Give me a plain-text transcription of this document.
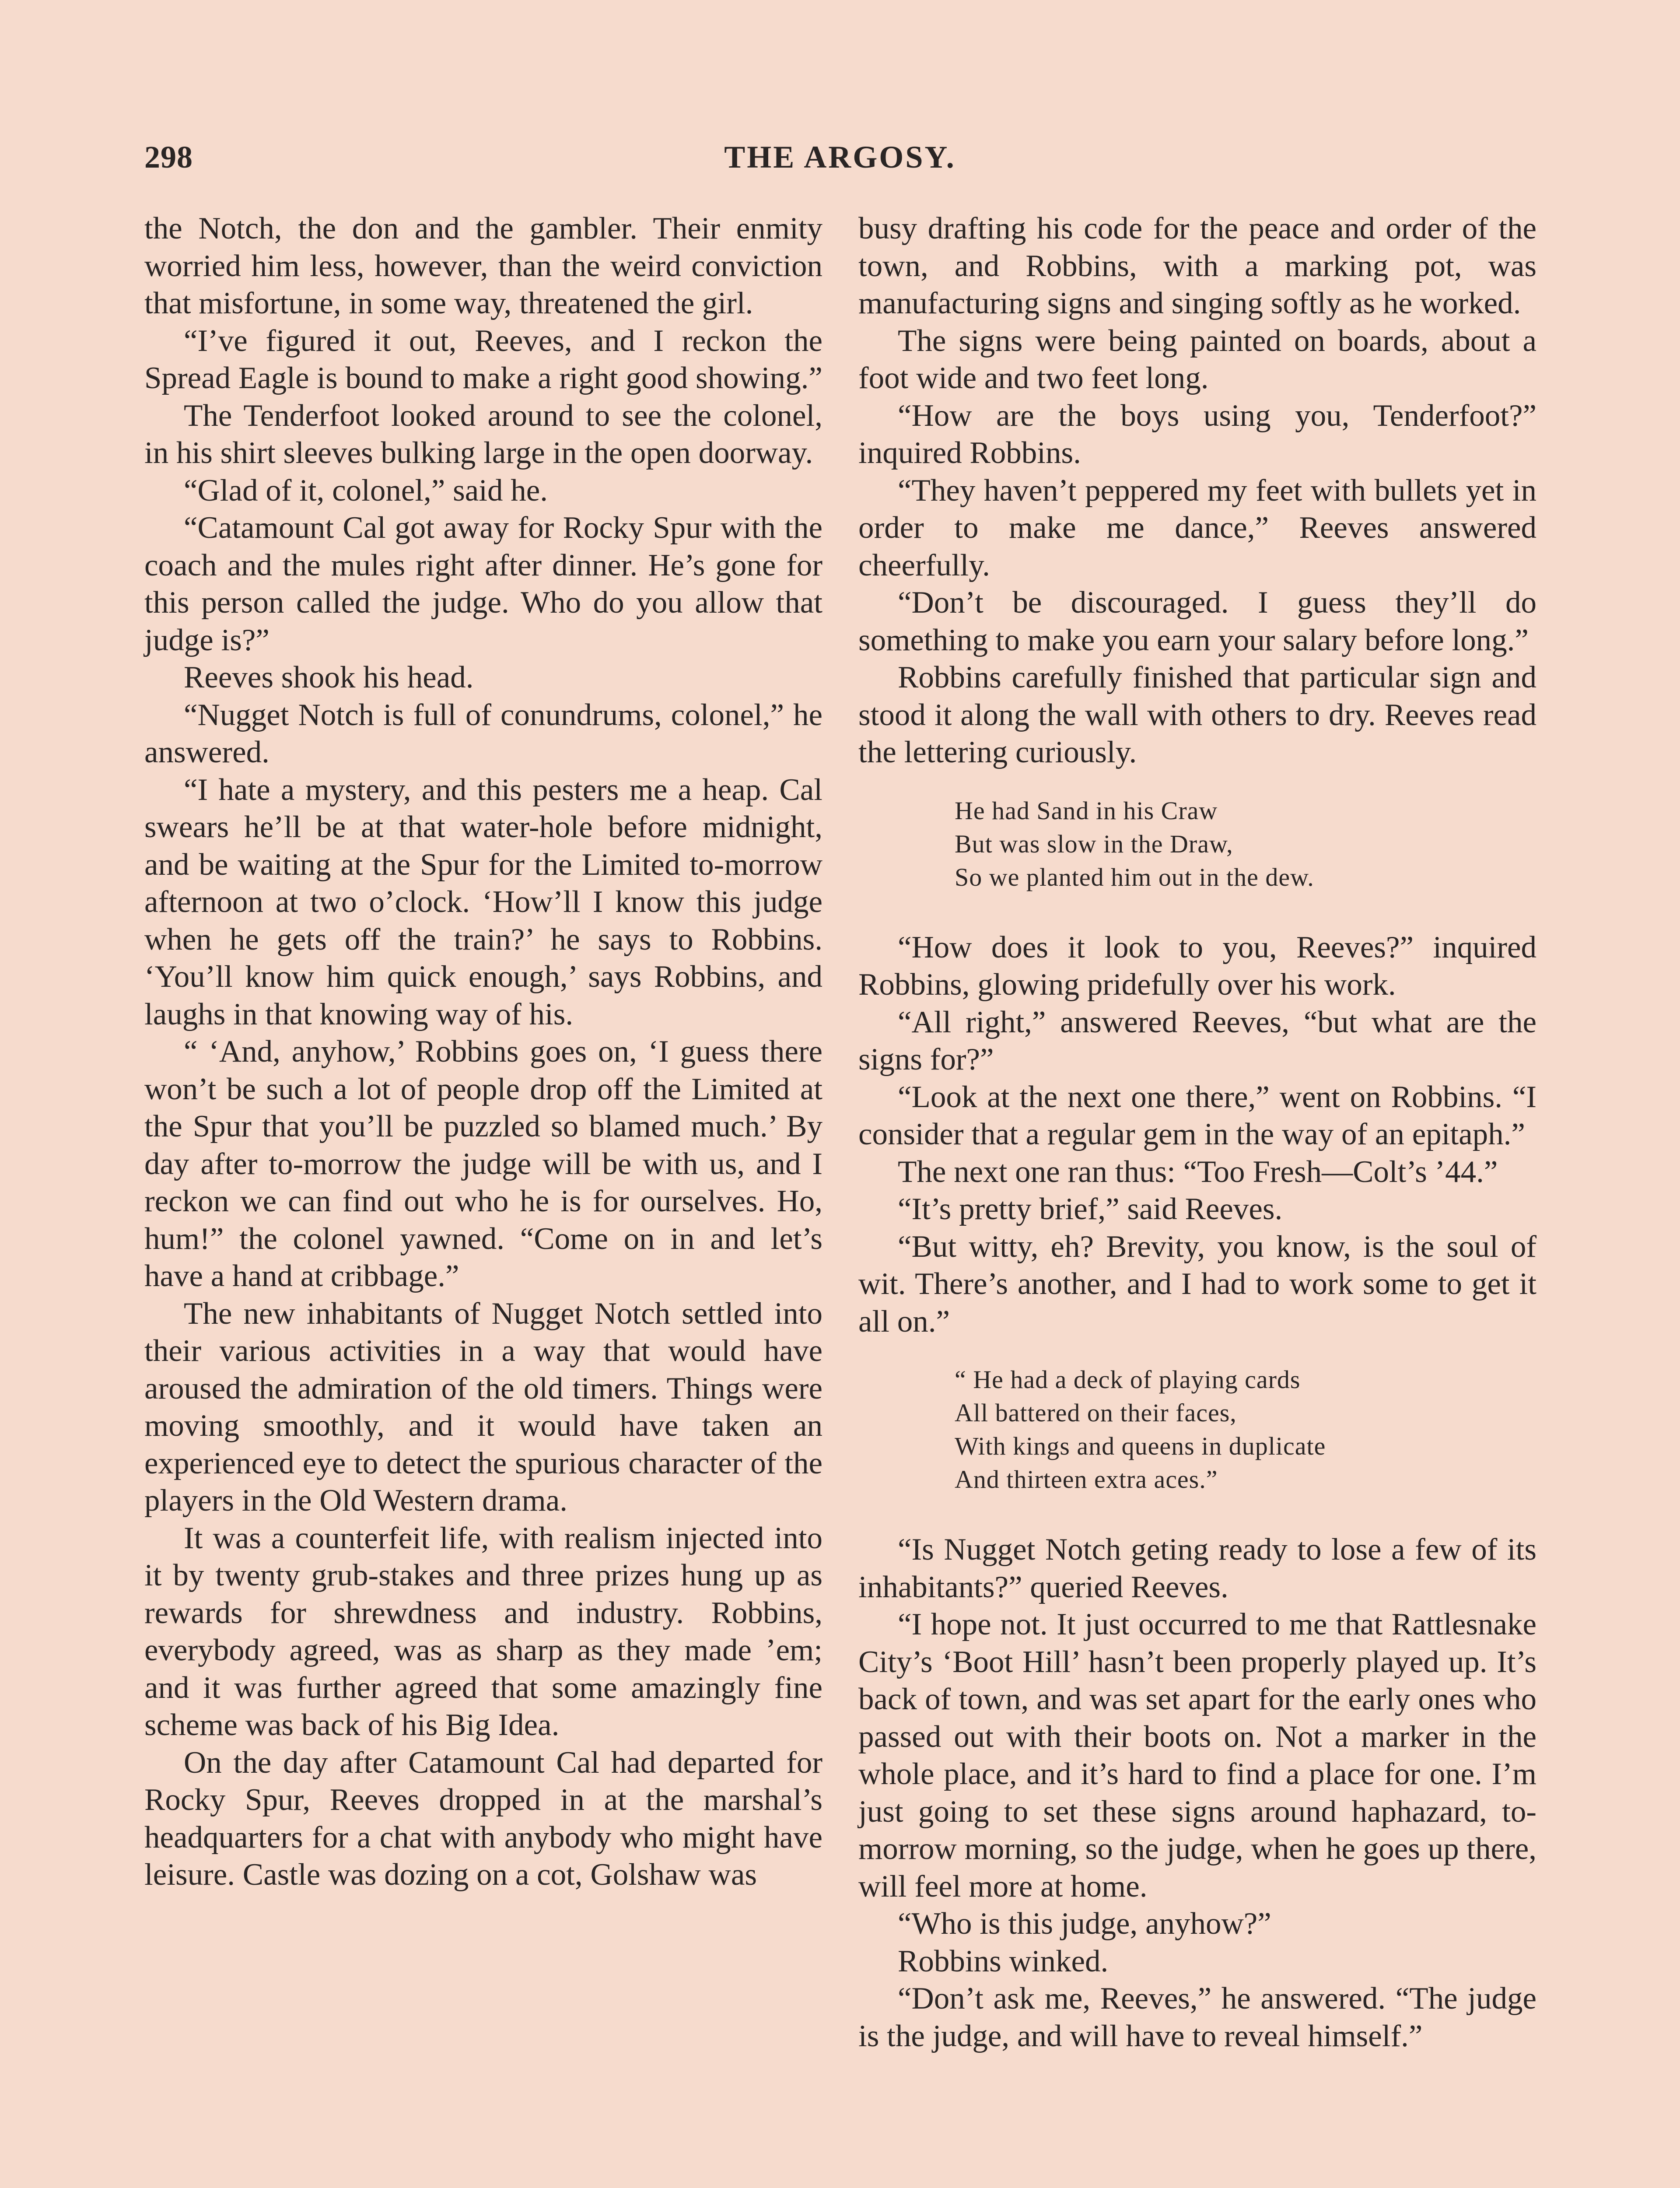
298	THE ARGOSY.

the Notch, the don and the gambler. Their enmity worried him less, however, than the weird conviction that misfortune, in some way, threatened the girl.

“I’ve figured it out, Reeves, and I reckon the Spread Eagle is bound to make a right good showing.”

The Tenderfoot looked around to see the colonel, in his shirt sleeves bulking large in the open doorway.

“Glad of it, colonel,” said he.

“Catamount Cal got away for Rocky Spur with the coach and the mules right after dinner. He’s gone for this person called the judge. Who do you allow that judge is?”

Reeves shook his head.

“Nugget Notch is full of conundrums, colonel,” he answered.

“I hate a mystery, and this pesters me a heap. Cal swears he’ll be at that water-hole before midnight, and be waiting at the Spur for the Limited to-morrow afternoon at two o’clock. ‘How’ll I know this judge when he gets off the train?’ he says to Robbins. ‘You’ll know him quick enough,’ says Robbins, and laughs in that knowing way of his.

“ ‘And, anyhow,’ Robbins goes on, ‘I guess there won’t be such a lot of people drop off the Limited at the Spur that you’ll be puzzled so blamed much.’ By day after to-morrow the judge will be with us, and I reckon we can find out who he is for ourselves. Ho, hum!” the colonel yawned. “Come on in and let’s have a hand at cribbage.”

The new inhabitants of Nugget Notch settled into their various activities in a way that would have aroused the admiration of the old timers. Things were moving smoothly, and it would have taken an experienced eye to detect the spurious character of the players in the Old Western drama.

It was a counterfeit life, with realism injected into it by twenty grub-stakes and three prizes hung up as rewards for shrewdness and industry. Robbins, everybody agreed, was as sharp as they made ’em; and it was further agreed that some amazingly fine scheme was back of his Big Idea.

On the day after Catamount Cal had departed for Rocky Spur, Reeves dropped in at the marshal’s headquarters for a chat with anybody who might have leisure. Castle was dozing on a cot, Golshaw was

busy drafting his code for the peace and order of the town, and Robbins, with a marking pot, was manufacturing signs and singing softly as he worked.

The signs were being painted on boards, about a foot wide and two feet long.

“How are the boys using you, Tenderfoot?” inquired Robbins.

“They haven’t peppered my feet with bullets yet in order to make me dance,” Reeves answered cheerfully.

“Don’t be discouraged. I guess they’ll do something to make you earn your salary before long.”

Robbins carefully finished that particular sign and stood it along the wall with others to dry. Reeves read the lettering curiously.

He had Sand in his Craw
But was slow in the Draw,
So we planted him out in the dew.

“How does it look to you, Reeves?” inquired Robbins, glowing pridefully over his work.

“All right,” answered Reeves, “but what are the signs for?”

“Look at the next one there,” went on Robbins. “I consider that a regular gem in the way of an epitaph.”

The next one ran thus: “Too Fresh—Colt’s ’44.”

“It’s pretty brief,” said Reeves.

“But witty, eh? Brevity, you know, is the soul of wit. There’s another, and I had to work some to get it all on.”

“ He had a deck of playing cards
All battered on their faces,
With kings and queens in duplicate
And thirteen extra aces.”

“Is Nugget Notch geting ready to lose a few of its inhabitants?” queried Reeves.

“I hope not. It just occurred to me that Rattlesnake City’s ‘Boot Hill’ hasn’t been properly played up. It’s back of town, and was set apart for the early ones who passed out with their boots on. Not a marker in the whole place, and it’s hard to find a place for one. I’m just going to set these signs around haphazard, to-morrow morning, so the judge, when he goes up there, will feel more at home.

“Who is this judge, anyhow?”

Robbins winked.

“Don’t ask me, Reeves,” he answered. “The judge is the judge, and will have to reveal himself.”
